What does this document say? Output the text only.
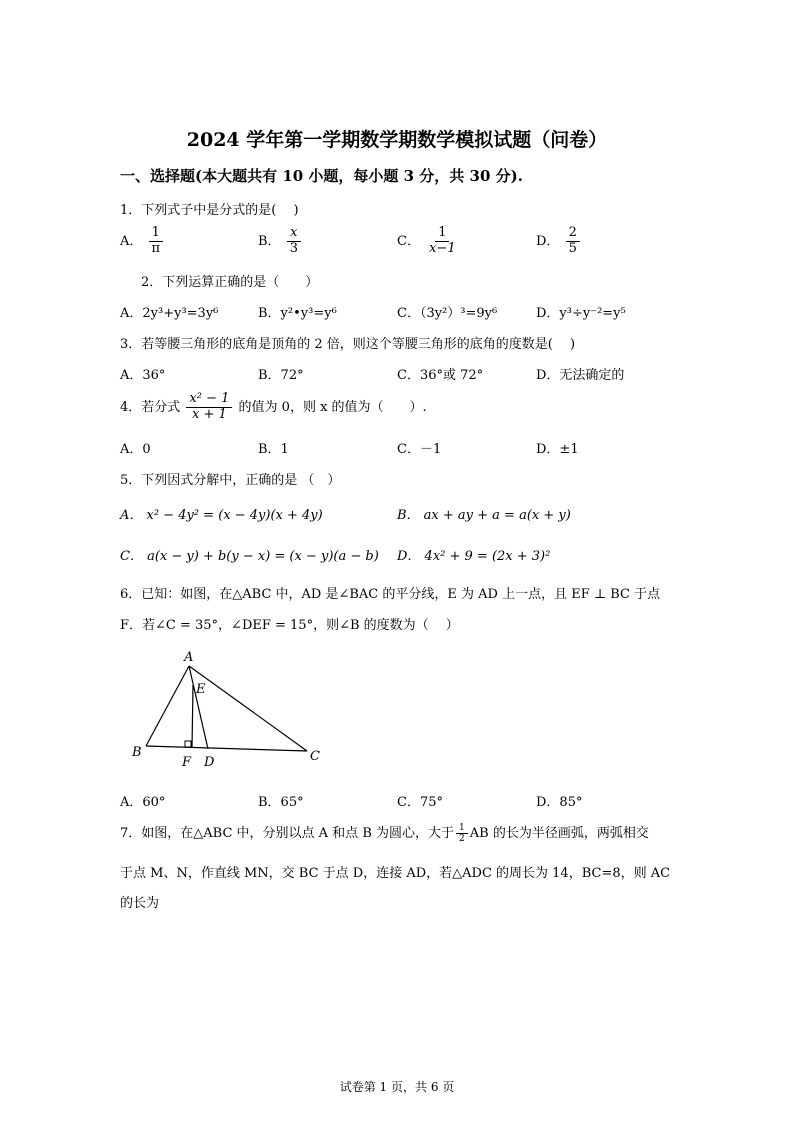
2024 学年第一学期数学期数学模拟试题（问卷）
一、选择题(本大题共有 10 小题，每小题 3 分，共 30 分).
1．下列式子中是分式的是(　 )
A． $\frac{1}{\pi}$	B． $\frac{x}{3}$	C． $\frac{1}{x-1}$	D． $\frac{2}{5}$
2．下列运算正确的是（　　）
A．2y³+y³=3y⁶	B．y²•y³=y⁶	C．（3y²）³=9y⁶	D．y³÷y⁻²=y⁵
3．若等腰三角形的底角是顶角的 2 倍，则这个等腰三角形的底角的度数是(　 )
A．36°	B．72°	C．36°或 72°	D．无法确定的
4．若分式 $\frac{\text{x² − 1}}{x + 1}$ 的值为 0，则 x 的值为（　　）.
A．0	B．1	C．－1	D．±1
5．下列因式分解中，正确的是 （　）
A． x² − 4y² = (x − 4y)(x + 4y)	B． ax + ay + a = a(x + y)
C． a(x − y) + b(y − x) = (x − y)(a − b) D． 4x² + 9 = (2x + 3)²
6．已知：如图，在△ABC 中，AD 是∠BAC 的平分线，E 为 AD 上一点，且 EF ⊥ BC 于点
F．若∠C = 35°，∠DEF = 15°，则∠B 的度数为（　 ）
A
E
B	C
F D
A．60°	B．65°	C．75°	D．85°
7．如图，在△ABC 中，分别以点 A 和点 B 为圆心，大于 $\frac{1}{2}$ AB 的长为半径画弧，两弧相交
于点 M、N，作直线 MN，交 BC 于点 D，连接 AD，若△ADC 的周长为 14，BC=8，则 AC
的长为
试卷第 1 页，共 6 页
